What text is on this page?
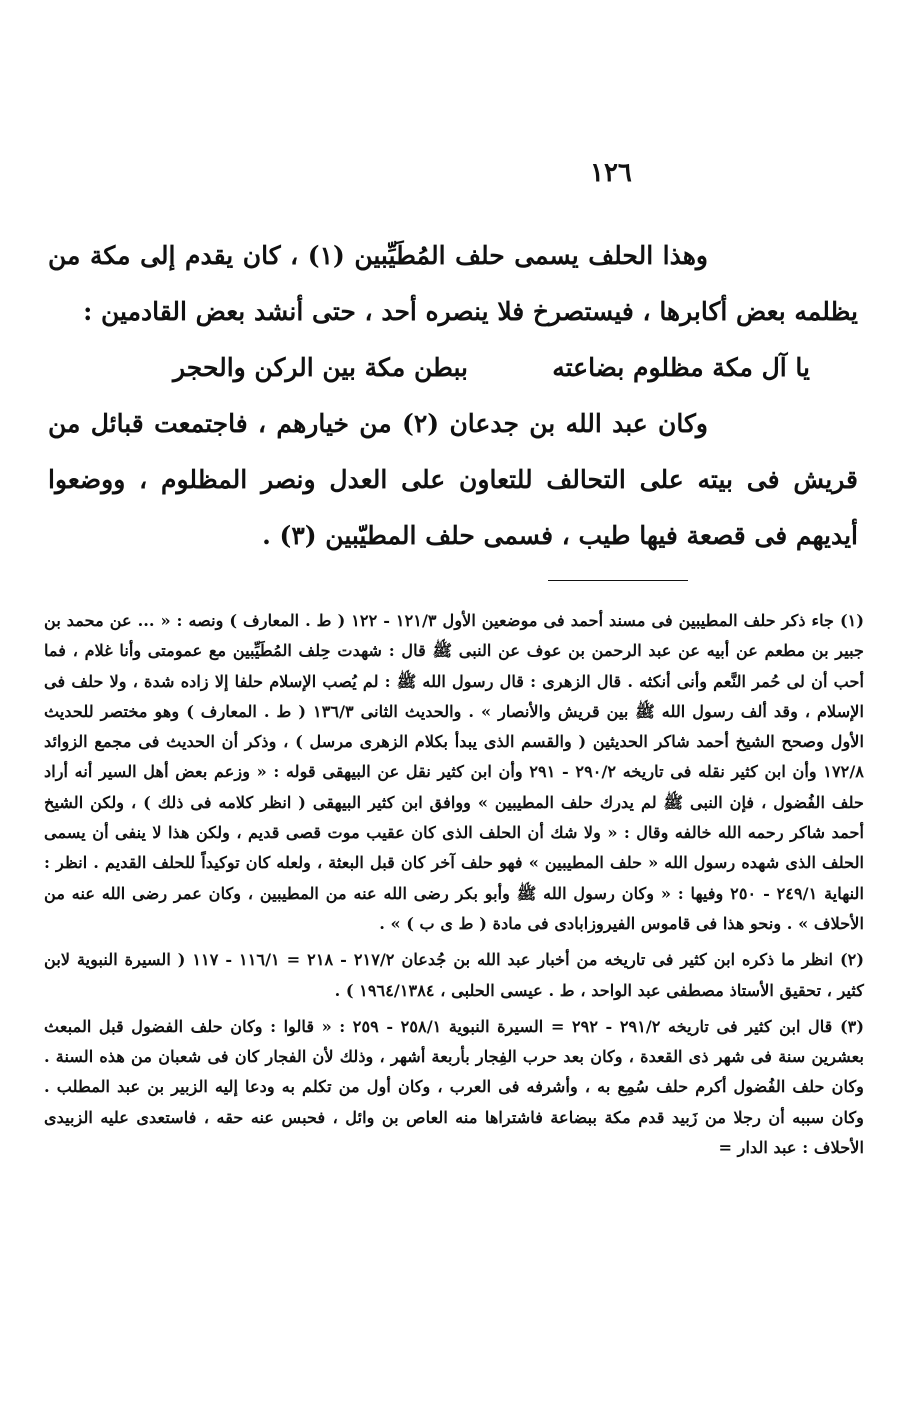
١٢٦

وهذا الحلف يسمى حلف المُطَيِّبين (١) ، كان يقدم إلى مكة من يظلمه بعض أكابرها ، فيستصرخ فلا ينصره أحد ، حتى أنشد بعض القادمين :

يا آل مكة مظلوم بضاعته
ببطن مكة بين الركن والحجر

وكان عبد الله بن جدعان (٢) من خيارهم ، فاجتمعت قبائل من قريش فى بيته على التحالف للتعاون على العدل ونصر المظلوم ، ووضعوا أيديهم فى قصعة فيها طيب ، فسمى حلف المطيّبين (٣) .

(١) جاء ذكر حلف المطيبين فى مسند أحمد فى موضعين الأول ١٢١/٣ - ١٢٢ ( ط . المعارف ) ونصه : « ... عن محمد بن جبير بن مطعم عن أبيه عن عبد الرحمن بن عوف عن النبى ﷺ قال : شهدت حِلف المُطَيِّبين مع عمومتى وأنا غلام ، فما أحب أن لى حُمر النَّعم وأنى أنكثه . قال الزهرى : قال رسول الله ﷺ : لم يُصب الإسلام حلفا إلا زاده شدة ، ولا حلف فى الإسلام ، وقد ألف رسول الله ﷺ بين قريش والأنصار » . والحديث الثانى ١٣٦/٣ ( ط . المعارف ) وهو مختصر للحديث الأول وصحح الشيخ أحمد شاكر الحديثين ( والقسم الذى يبدأ بكلام الزهرى مرسل ) ، وذكر أن الحديث فى مجمع الزوائد ١٧٢/٨ وأن ابن كثير نقله فى تاريخه ٢٩٠/٢ - ٢٩١ وأن ابن كثير نقل عن البيهقى قوله : « وزعم بعض أهل السير أنه أراد حلف الفُضول ، فإن النبى ﷺ لم يدرك حلف المطيبين » ووافق ابن كثير البيهقى ( انظر كلامه فى ذلك ) ، ولكن الشيخ أحمد شاكر رحمه الله خالفه وقال : « ولا شك أن الحلف الذى كان عقيب موت قصى قديم ، ولكن هذا لا ينفى أن يسمى الحلف الذى شهده رسول الله « حلف المطيبين » فهو حلف آخر كان قبل البعثة ، ولعله كان توكيداً للحلف القديم . انظر : النهاية ٢٤٩/١ - ٢٥٠ وفيها : « وكان رسول الله ﷺ وأبو بكر رضى الله عنه من المطيبين ، وكان عمر رضى الله عنه من الأحلاف » . ونحو هذا فى قاموس الفيروزابادى فى مادة ( ط ى ب ) » .

(٢) انظر ما ذكره ابن كثير فى تاريخه من أخبار عبد الله بن جُدعان ٢١٧/٢ - ٢١٨ = ١١٦/١ - ١١٧ ( السيرة النبوية لابن كثير ، تحقيق الأستاذ مصطفى عبد الواحد ، ط . عيسى الحلبى ، ١٩٦٤/١٣٨٤ ) .

(٣) قال ابن كثير فى تاريخه ٢٩١/٢ - ٢٩٢ = السيرة النبوية ٢٥٨/١ - ٢٥٩ : « قالوا : وكان حلف الفضول قبل المبعث بعشرين سنة فى شهر ذى القعدة ، وكان بعد حرب الفِجار بأربعة أشهر ، وذلك لأن الفجار كان فى شعبان من هذه السنة . وكان حلف الفُضول أكرم حلف سُمِع به ، وأشرفه فى العرب ، وكان أول من تكلم به ودعا إليه الزبير بن عبد المطلب . وكان سببه أن رجلا من زَبيد قدم مكة ببضاعة فاشتراها منه العاص بن وائل ، فحبس عنه حقه ، فاستعدى عليه الزبيدى الأحلاف : عبد الدار =
